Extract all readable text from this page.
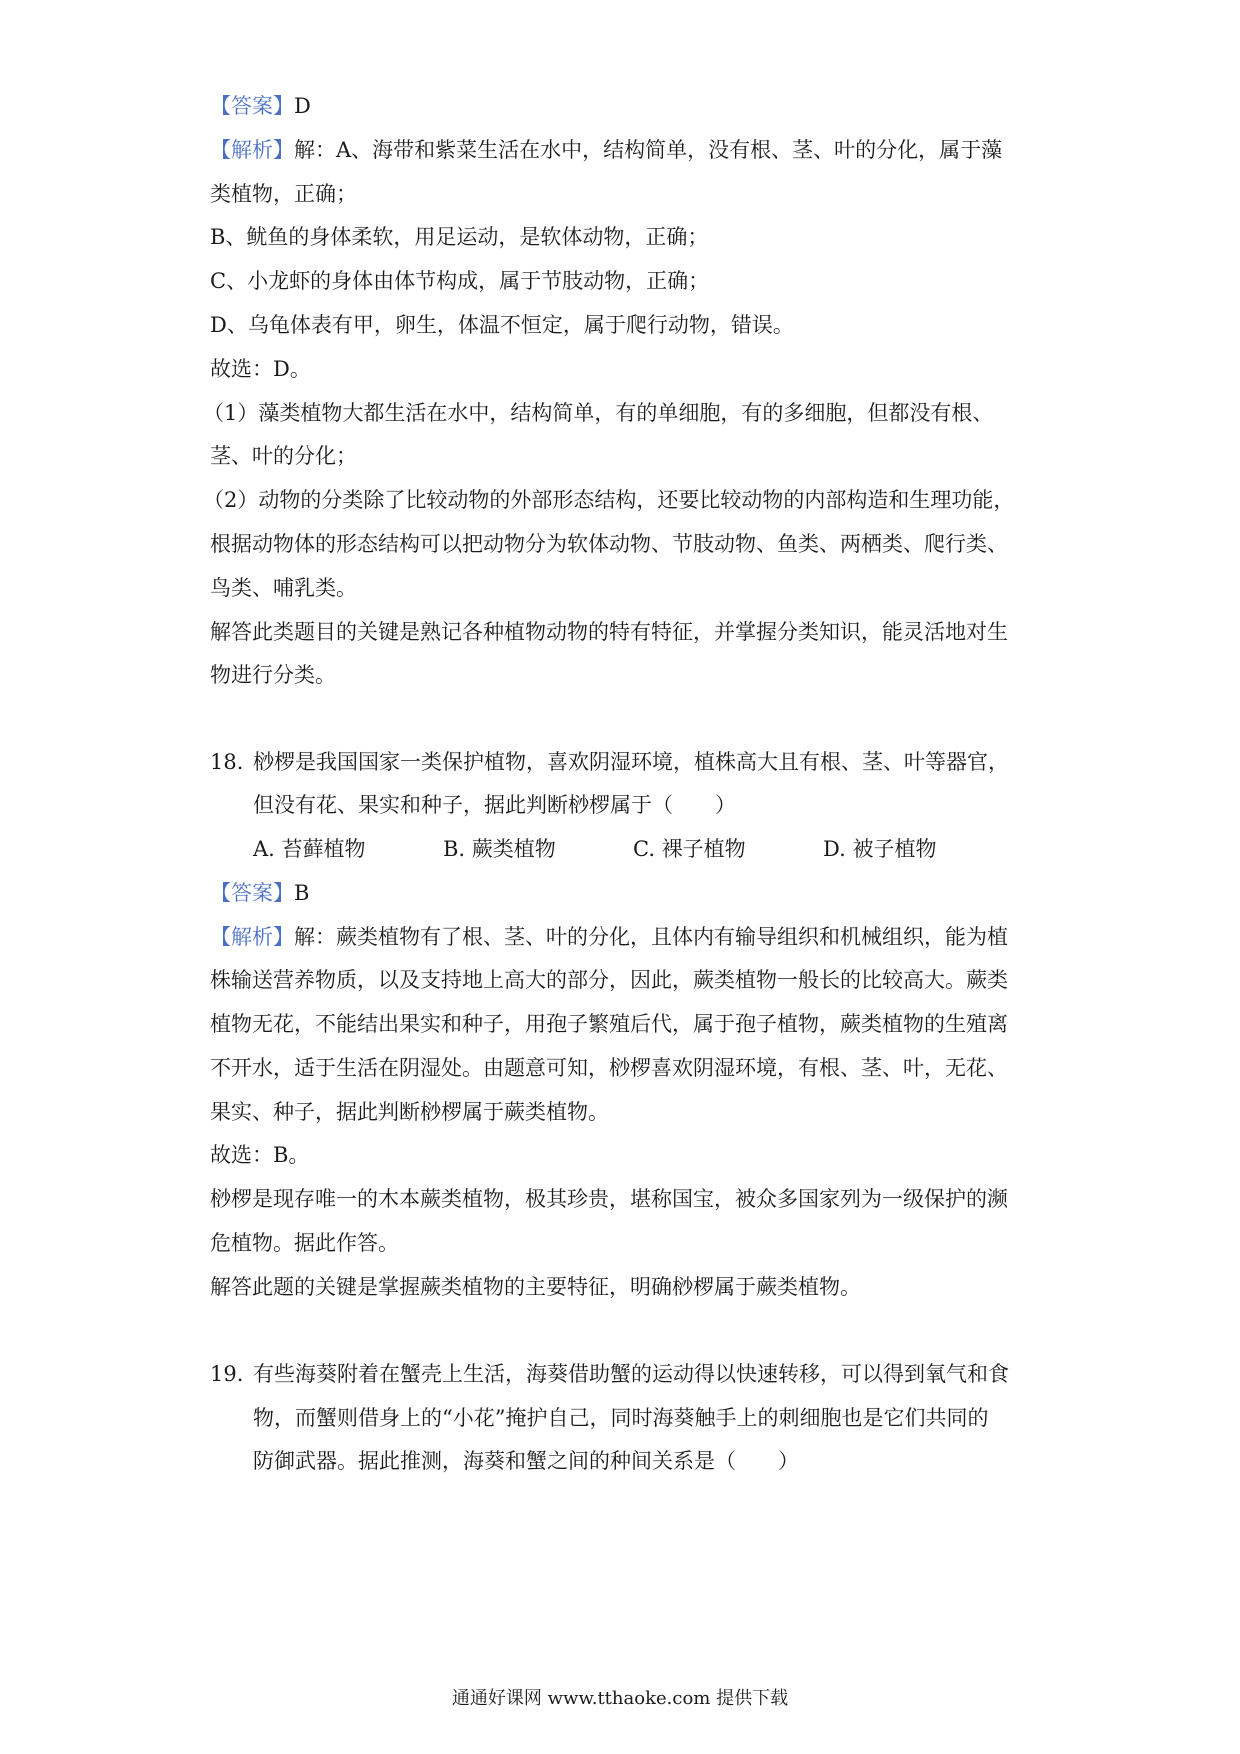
【答案】D
【解析】解：A、海带和紫菜生活在水中，结构简单，没有根、茎、叶的分化，属于藻
类植物，正确；
B、鱿鱼的身体柔软，用足运动，是软体动物，正确；
C、小龙虾的身体由体节构成，属于节肢动物，正确；
D、乌龟体表有甲，卵生，体温不恒定，属于爬行动物，错误。
故选：D。
（1）藻类植物大都生活在水中，结构简单，有的单细胞，有的多细胞，但都没有根、
茎、叶的分化；
（2）动物的分类除了比较动物的外部形态结构，还要比较动物的内部构造和生理功能，
根据动物体的形态结构可以把动物分为软体动物、节肢动物、鱼类、两栖类、爬行类、
鸟类、哺乳类。
解答此类题目的关键是熟记各种植物动物的特有特征，并掌握分类知识，能灵活地对生
物进行分类。
18. 桫椤是我国国家一类保护植物，喜欢阴湿环境，植株高大且有根、茎、叶等器官，
但没有花、果实和种子，据此判断桫椤属于（　　）
A. 苔藓植物	B. 蕨类植物	C. 裸子植物	D. 被子植物
【答案】B
【解析】解：蕨类植物有了根、茎、叶的分化，且体内有输导组织和机械组织，能为植
株输送营养物质，以及支持地上高大的部分，因此，蕨类植物一般长的比较高大。蕨类
植物无花，不能结出果实和种子，用孢子繁殖后代，属于孢子植物，蕨类植物的生殖离
不开水，适于生活在阴湿处。由题意可知，桫椤喜欢阴湿环境，有根、茎、叶，无花、
果实、种子，据此判断桫椤属于蕨类植物。
故选：B。
桫椤是现存唯一的木本蕨类植物，极其珍贵，堪称国宝，被众多国家列为一级保护的濒
危植物。据此作答。
解答此题的关键是掌握蕨类植物的主要特征，明确桫椤属于蕨类植物。
19. 有些海葵附着在蟹壳上生活，海葵借助蟹的运动得以快速转移，可以得到氧气和食
物，而蟹则借身上的“小花”掩护自己，同时海葵触手上的刺细胞也是它们共同的
防御武器。据此推测，海葵和蟹之间的种间关系是（　　）
通通好课网 www.tthaoke.com 提供下载
